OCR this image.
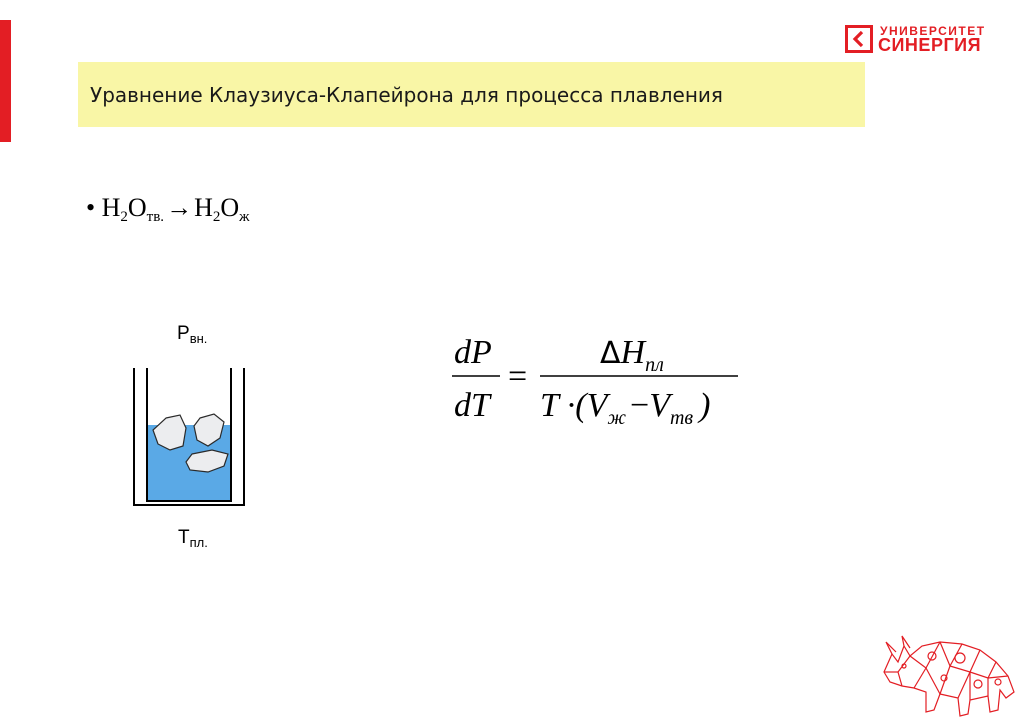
УНИВЕРСИТЕТ
СИНЕРГИЯ
Уравнение Клаузиуса-Клапейрона для процесса плавления
• $H_2O_{тв.}\to H_2O_ж$
$P_{вн.}$
$T_{пл.}$
dP
dT
=
$\Delta H_{пл}$
$T \cdot(V_ж -V_{тв}$ )
